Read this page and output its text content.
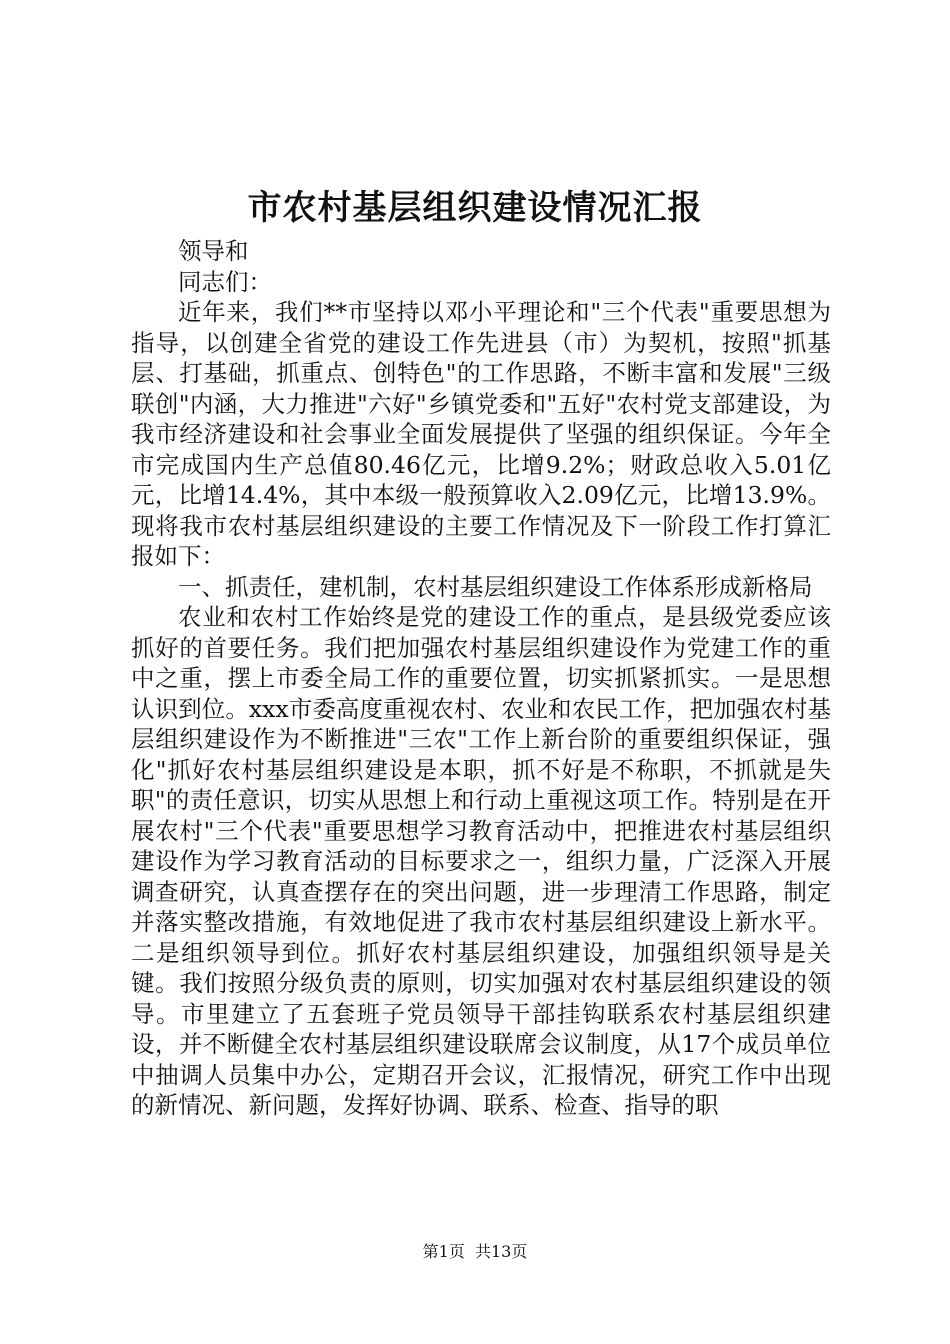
市农村基层组织建设情况汇报

领导和

同志们：

近年来，我们**市坚持以邓小平理论和"三个代表"重要思想为指导，以创建全省党的建设工作先进县（市）为契机，按照"抓基层、打基础，抓重点、创特色"的工作思路，不断丰富和发展"三级联创"内涵，大力推进"六好"乡镇党委和"五好"农村党支部建设，为我市经济建设和社会事业全面发展提供了坚强的组织保证。今年全市完成国内生产总值80.46亿元，比增9.2%；财政总收入5.01亿元，比增14.4%，其中本级一般预算收入2.09亿元，比增13.9%。现将我市农村基层组织建设的主要工作情况及下一阶段工作打算汇报如下：

一、抓责任，建机制，农村基层组织建设工作体系形成新格局

农业和农村工作始终是党的建设工作的重点，是县级党委应该抓好的首要任务。我们把加强农村基层组织建设作为党建工作的重中之重，摆上市委全局工作的重要位置，切实抓紧抓实。一是思想认识到位。xxx市委高度重视农村、农业和农民工作，把加强农村基层组织建设作为不断推进"三农"工作上新台阶的重要组织保证，强化"抓好农村基层组织建设是本职，抓不好是不称职，不抓就是失职"的责任意识，切实从思想上和行动上重视这项工作。特别是在开展农村"三个代表"重要思想学习教育活动中，把推进农村基层组织建设作为学习教育活动的目标要求之一，组织力量，广泛深入开展调查研究，认真查摆存在的突出问题，进一步理清工作思路，制定并落实整改措施，有效地促进了我市农村基层组织建设上新水平。二是组织领导到位。抓好农村基层组织建设，加强组织领导是关键。我们按照分级负责的原则，切实加强对农村基层组织建设的领导。市里建立了五套班子党员领导干部挂钩联系农村基层组织建设，并不断健全农村基层组织建设联席会议制度，从17个成员单位中抽调人员集中办公，定期召开会议，汇报情况，研究工作中出现的新情况、新问题，发挥好协调、联系、检查、指导的职

第1页  共13页
